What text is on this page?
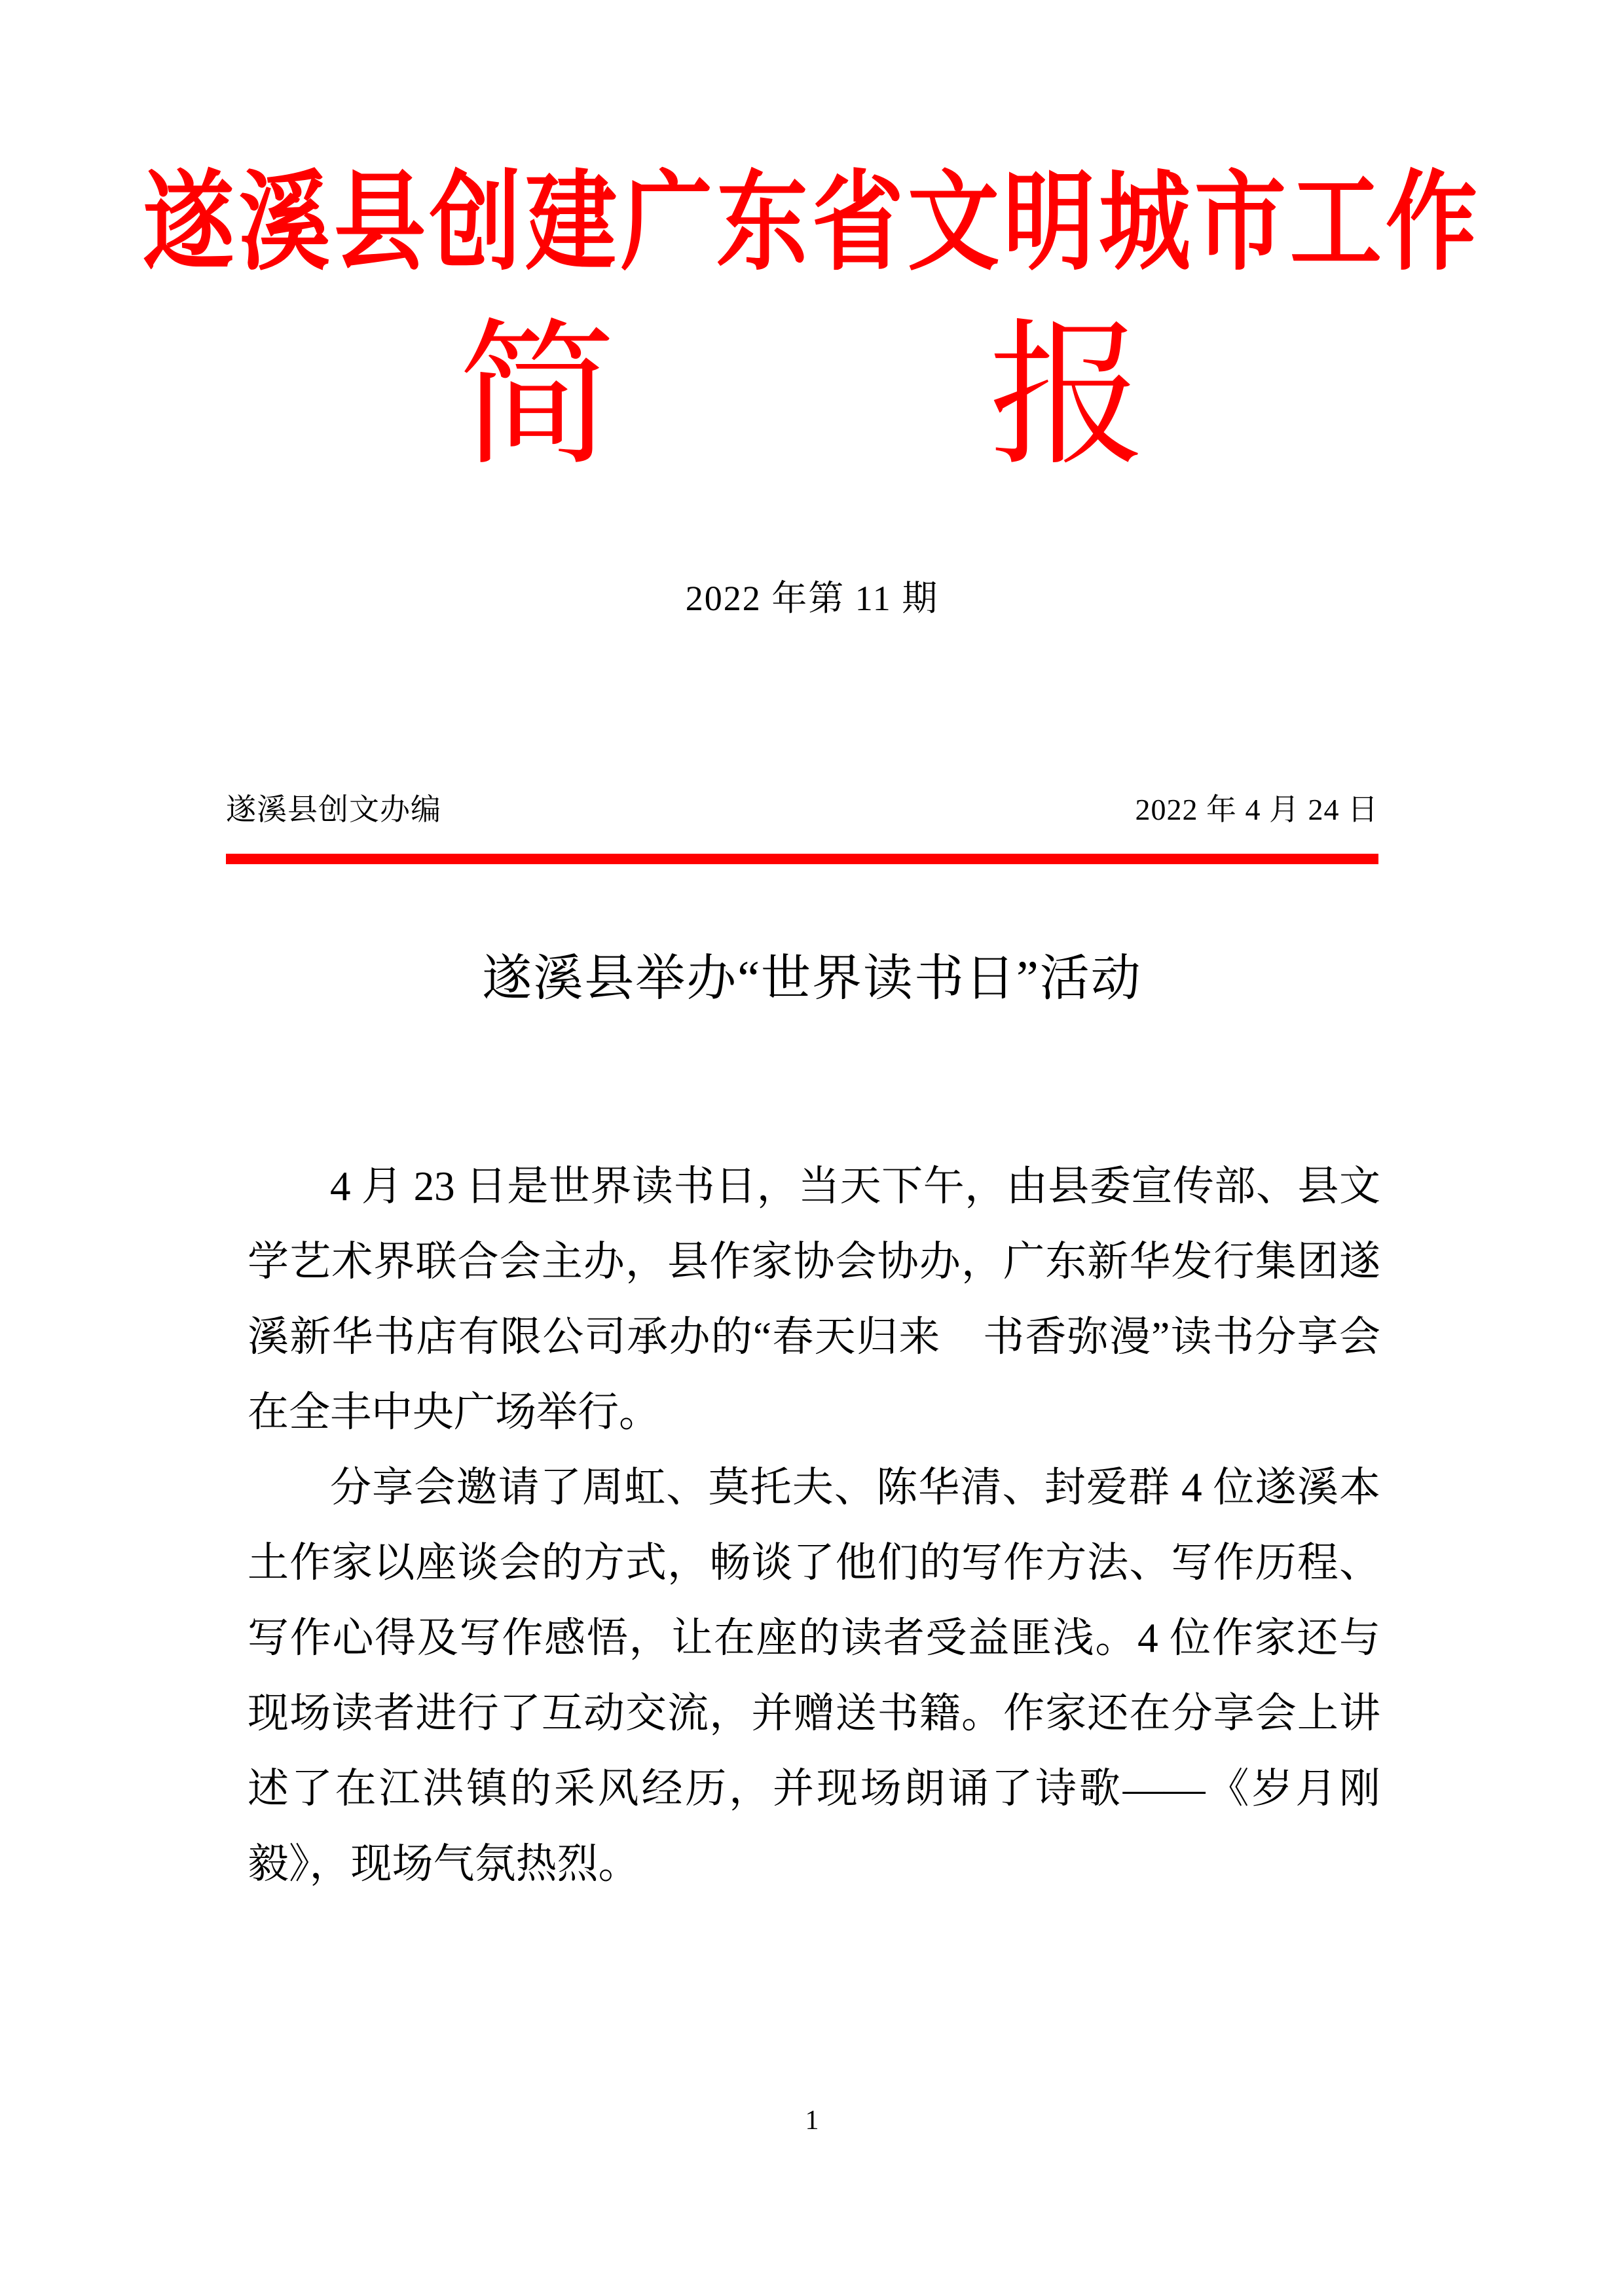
遂溪县创建广东省文明城市工作
简　　报
2022 年第 11 期
遂溪县创文办编	2022 年 4 月 24 日
遂溪县举办“世界读书日”活动

4 月 23 日是世界读书日，当天下午，由县委宣传部、县文学艺术界联合会主办，县作家协会协办，广东新华发行集团遂溪新华书店有限公司承办的“春天归来　书香弥漫”读书分享会在全丰中央广场举行。

分享会邀请了周虹、莫托夫、陈华清、封爱群 4 位遂溪本土作家以座谈会的方式，畅谈了他们的写作方法、写作历程、写作心得及写作感悟，让在座的读者受益匪浅。4 位作家还与现场读者进行了互动交流，并赠送书籍。作家还在分享会上讲述了在江洪镇的采风经历，并现场朗诵了诗歌——《岁月刚毅》，现场气氛热烈。

1
